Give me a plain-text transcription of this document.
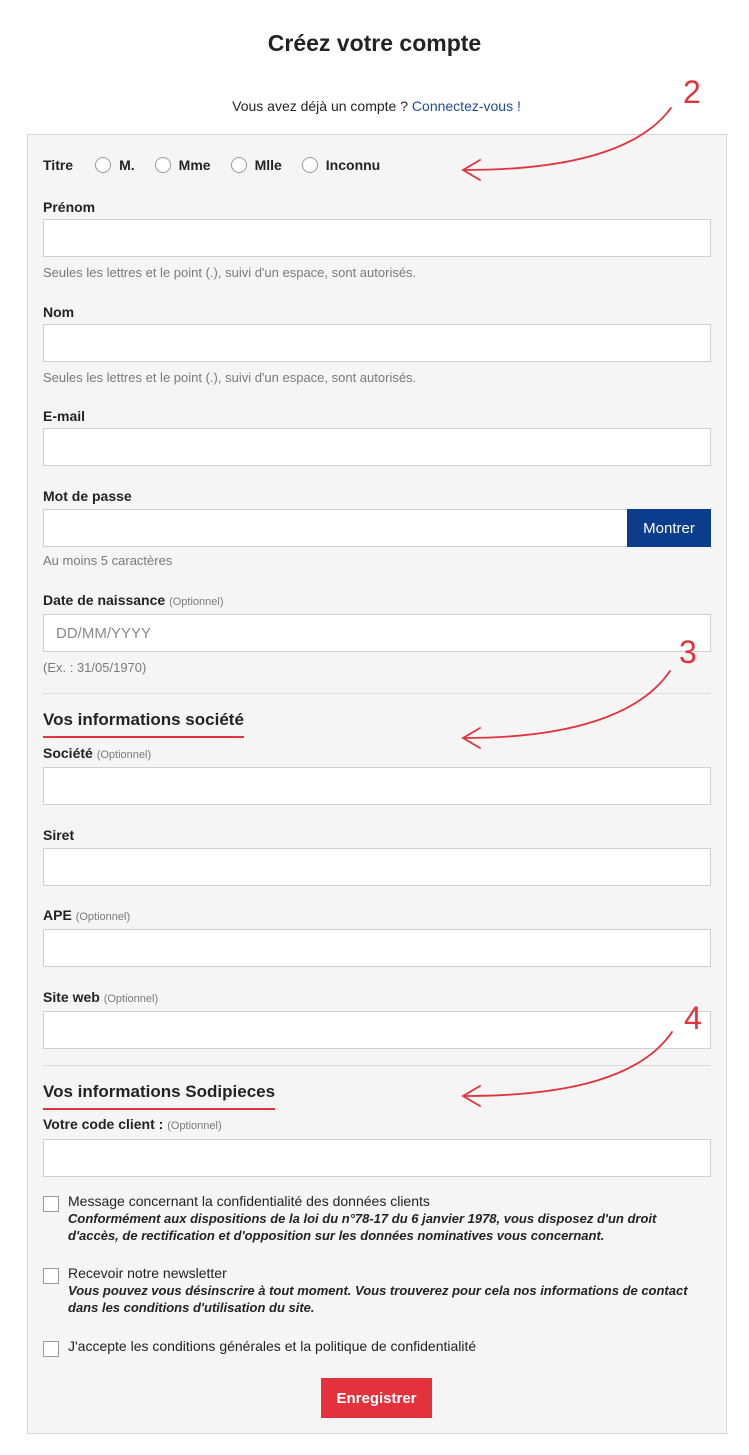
Créez votre compte
Vous avez déjà un compte ? Connectez-vous !
Titre	M.	Mme	Mlle	Inconnu
Prénom
Seules les lettres et le point (.), suivi d'un espace, sont autorisés.
Nom
Seules les lettres et le point (.), suivi d'un espace, sont autorisés.
E-mail
Mot de passe
Montrer
Au moins 5 caractères
Date de naissance (Optionnel)
DD/MM/YYYY
(Ex. : 31/05/1970)
Vos informations société
Société (Optionnel)
Siret
APE (Optionnel)
Site web (Optionnel)
Vos informations Sodipieces
Votre code client : (Optionnel)
Message concernant la confidentialité des données clients
Conformément aux dispositions de la loi du n°78-17 du 6 janvier 1978, vous disposez d'un droit d'accès, de rectification et d'opposition sur les données nominatives vous concernant.
Recevoir notre newsletter
Vous pouvez vous désinscrire à tout moment. Vous trouverez pour cela nos informations de contact dans les conditions d'utilisation du site.
J'accepte les conditions générales et la politique de confidentialité
Enregistrer
2
3
4
